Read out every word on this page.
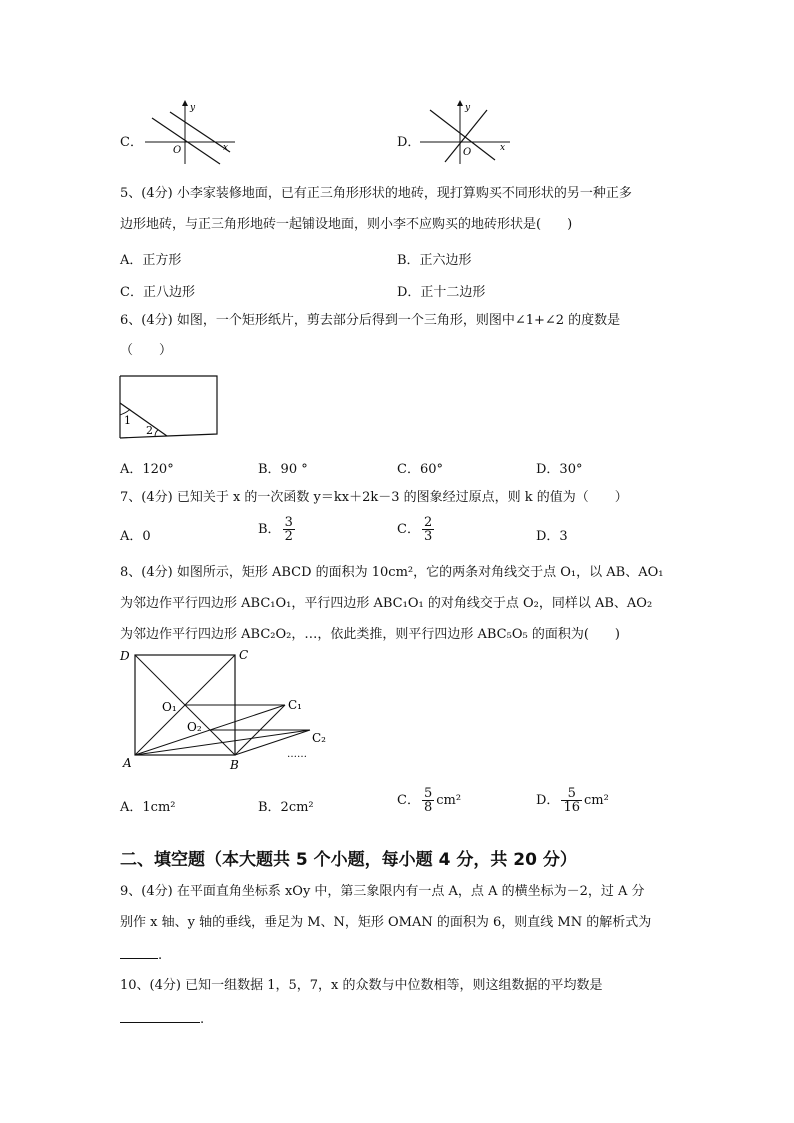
C．
y
x
O
D．
y
x
O
5、(4分) 小李家装修地面，已有正三角形形状的地砖，现打算购买不同形状的另一种正多
边形地砖，与正三角形地砖一起铺设地面，则小李不应购买的地砖形状是(　　)
A．正方形	B．正六边形
C．正八边形	D．正十二边形
6、(4分) 如图，一个矩形纸片，剪去部分后得到一个三角形，则图中∠1+∠2 的度数是
（　　）
1
2
A．120°	B．90 °	C．60°	D．30°
7、(4分) 已知关于 x 的一次函数 y＝kx＋2k－3 的图象经过原点，则 k 的值为（　　）
A．0	B． $\frac{3}{2}$	C． $\frac{2}{3}$	D．3
8、(4分) 如图所示，矩形 ABCD 的面积为 10cm²，它的两条对角线交于点 O₁，以 AB、AO₁
为邻边作平行四边形 ABC₁O₁，平行四边形 ABC₁O₁ 的对角线交于点 O₂，同样以 AB、AO₂
为邻边作平行四边形 ABC₂O₂，…，依此类推，则平行四边形 ABC₅O₅ 的面积为(　　)
D	C
O₁
O₂
C₁
C₂
A	B
……
A．1cm²	B．2cm²	C． $\frac{5}{8} cm^2$	D． $\frac{5}{16} cm^2$
二、填空题（本大题共 5 个小题，每小题 4 分，共 20 分）
9、(4分) 在平面直角坐标系 xOy 中，第三象限内有一点 A，点 A 的横坐标为－2，过 A 分
别作 x 轴、y 轴的垂线，垂足为 M、N，矩形 OMAN 的面积为 6，则直线 MN 的解析式为
.
10、(4分) 已知一组数据 1，5，7，x 的众数与中位数相等，则这组数据的平均数是
.
